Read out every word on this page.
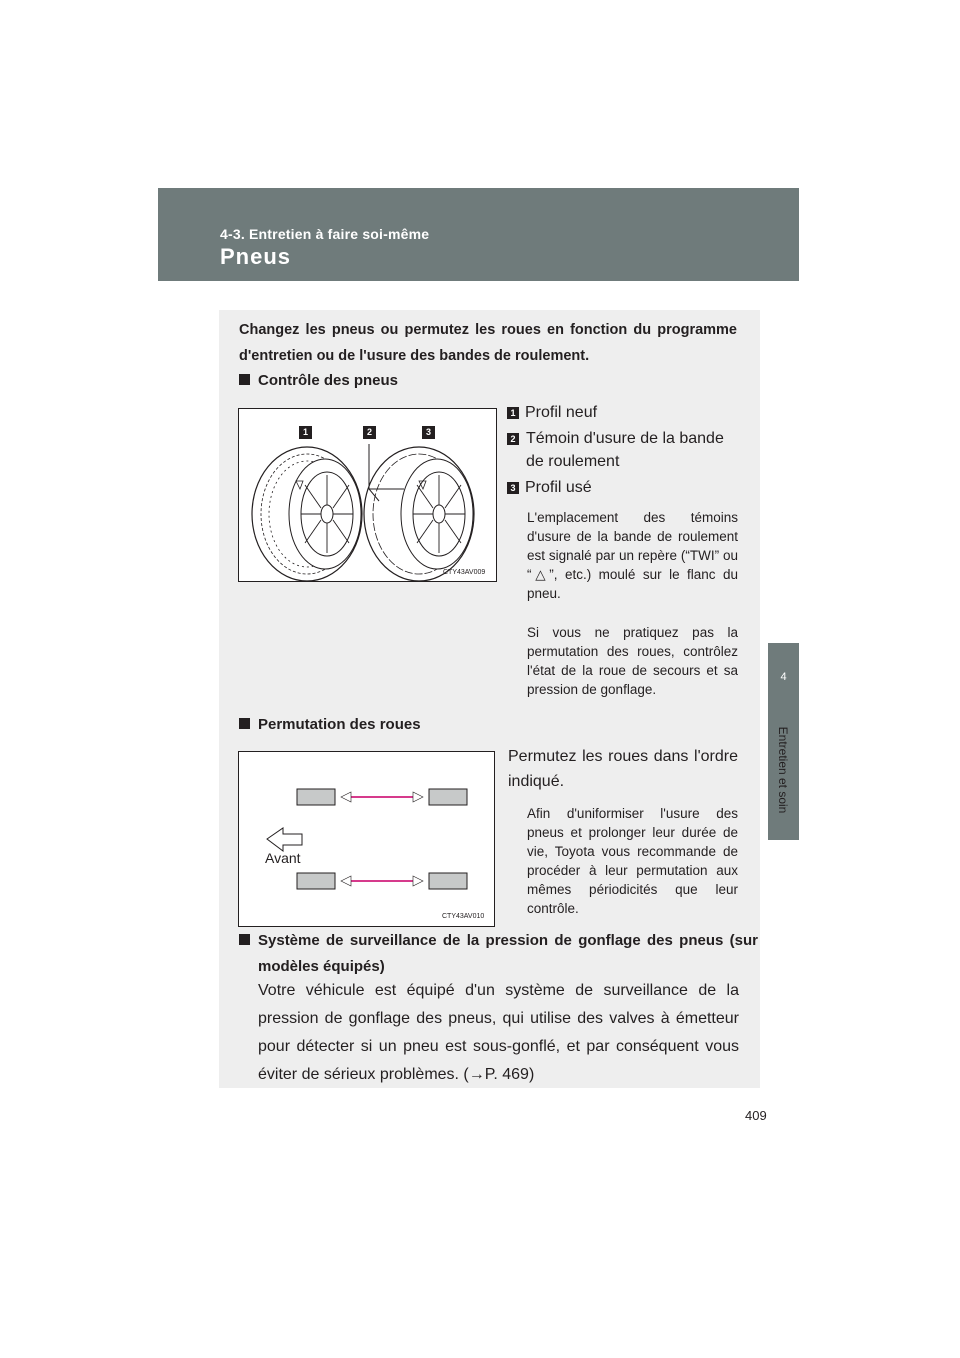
4-3. Entretien à faire soi-même
Pneus
4
Entretien et soin
Changez les pneus ou permutez les roues en fonction du programme d'entretien ou de l'usure des bandes de roulement.
Contrôle des pneus
1	2	3
CTY43AV009
1 Profil neuf
2 Témoin d'usure de la bande de roulement
3 Profil usé
L'emplacement des témoins d'usure de la bande de roulement est signalé par un repère (“TWI” ou “△”, etc.) moulé sur le flanc du pneu.
Si vous ne pratiquez pas la permutation des roues, contrôlez l'état de la roue de secours et sa pression de gonflage.
Permutation des roues
Avant
CTY43AV010
Permutez les roues dans l'ordre indiqué.
Afin d'uniformiser l'usure des pneus et prolonger leur durée de vie, Toyota vous recommande de procéder à leur permutation aux mêmes périodicités que leur contrôle.
Système de surveillance de la pression de gonflage des pneus (sur modèles équipés)
Votre véhicule est équipé d'un système de surveillance de la pression de gonflage des pneus, qui utilise des valves à émetteur pour détecter si un pneu est sous-gonflé, et par conséquent vous éviter de sérieux problèmes. (→P. 469)
409
